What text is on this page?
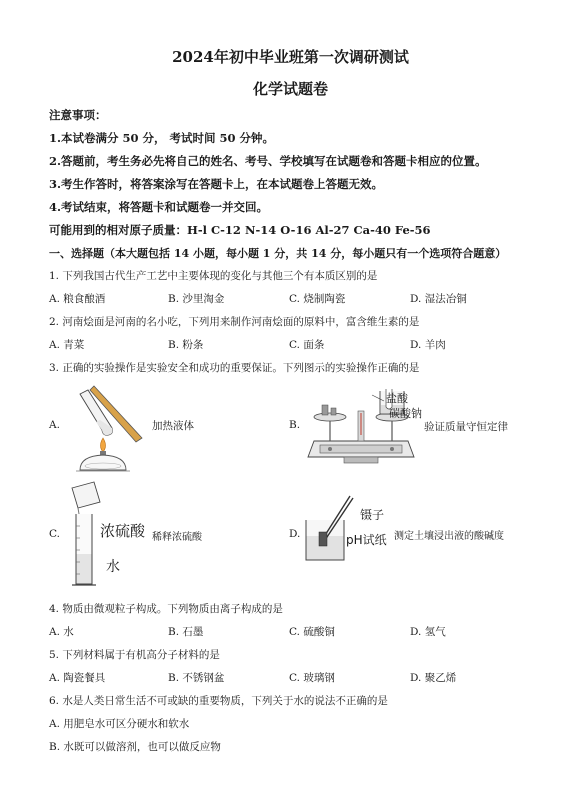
2024年初中毕业班第一次调研测试
化学试题卷
注意事项：
1.本试卷满分 50 分， 考试时间 50 分钟。
2.答题前，考生务必先将自己的姓名、考号、学校填写在试题卷和答题卡相应的位置。
3.考生作答时，将答案涂写在答题卡上，在本试题卷上答题无效。
4.考试结束，将答题卡和试题卷一并交回。
可能用到的相对原子质量：H-l C-12 N-14 O-16 Al-27 Ca-40 Fe-56
一、选择题（本大题包括 14 小题，每小题 1 分，共 14 分，每小题只有一个选项符合题意）
1. 下列我国古代生产工艺中主要体现的变化与其他三个有本质区别的是
A. 粮食酿酒	B. 沙里淘金	C. 烧制陶瓷	D. 湿法冶铜
2. 河南烩面是河南的名小吃，下列用来制作河南烩面的原料中，富含维生素的是
A. 青菜	B. 粉条	C. 面条	D. 羊肉
3. 正确的实验操作是实验安全和成功的重要保证。下列图示的实验操作正确的是
A.	加热液体	B.
盐酸
碳酸钠
验证质量守恒定律
C.	浓硫酸
水
稀释浓硫酸	D.
镊子
pH试纸 测定土壤浸出液的酸碱度
4. 物质由微观粒子构成。下列物质由离子构成的是
A. 水	B. 石墨	C. 硫酸铜	D. 氢气
5. 下列材料属于有机高分子材料的是
A. 陶瓷餐具	B. 不锈钢盆	C. 玻璃钢	D. 聚乙烯
6. 水是人类日常生活不可或缺的重要物质，下列关于水的说法不正确的是
A. 用肥皂水可区分硬水和软水
B. 水既可以做溶剂，也可以做反应物
